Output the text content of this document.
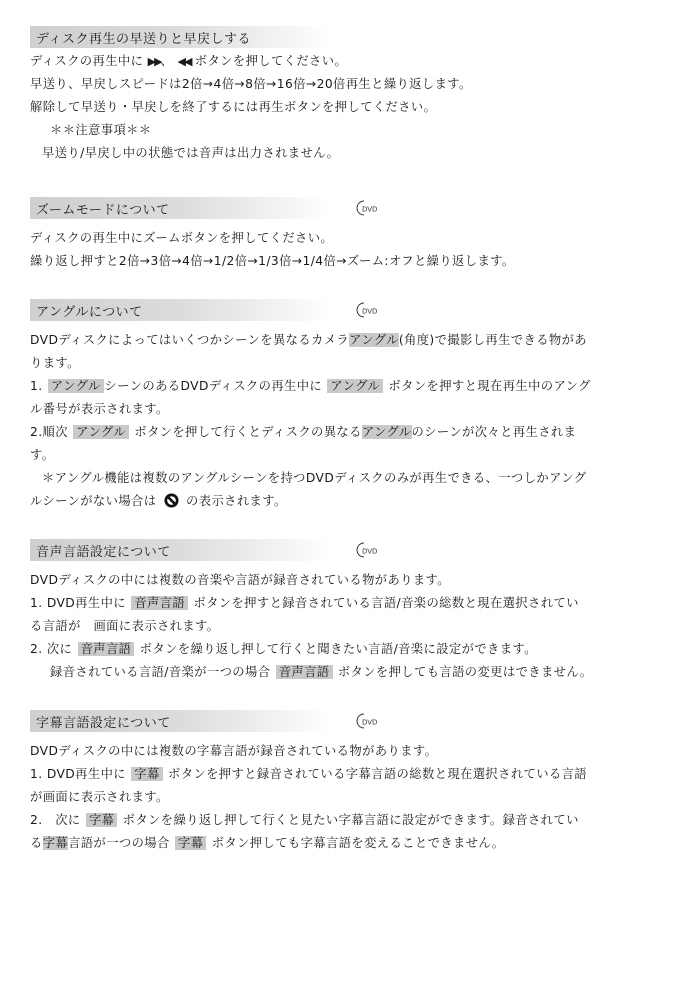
ディスク再生の早送りと早戻しする

ディスクの再生中に ▶▶、 ◀◀ ボタンを押してください。

早送り、早戻しスピードは2倍→4倍→8倍→16倍→20倍再生と繰り返します。

解除して早送り・早戻しを終了するには再生ボタンを押してください。

＊＊注意事項＊＊

早送り/早戻し中の状態では音声は出力されません。

ズームモードについて	DVD

ディスクの再生中にズームボタンを押してください。

繰り返し押すと2倍→3倍→4倍→1/2倍→1/3倍→1/4倍→ズーム:オフと繰り返します。

アングルについて	DVD

DVDディスクによってはいくつかシーンを異なるカメラアングル(角度)で撮影し再生できる物があ

ります。

1. アングル シーンのあるDVDディスクの再生中に アングル ボタンを押すと現在再生中のアング

ル番号が表示されます。

2.順次 アングル ボタンを押して行くとディスクの異なるアングルのシーンが次々と再生されま

す。

＊アングル機能は複数のアングルシーンを持つDVDディスクのみが再生できる、一つしかアング

ルシーンがない場合は の表示されます。

音声言語設定について	DVD

DVDディスクの中には複数の音楽や言語が録音されている物があります。

1. DVD再生中に 音声言語 ボタンを押すと録音されている言語/音楽の総数と現在選択されてい

る言語が　画面に表示されます。

2. 次に 音声言語 ボタンを繰り返し押して行くと聞きたい言語/音楽に設定ができます。

録音されている言語/音楽が一つの場合 音声言語 ボタンを押しても言語の変更はできません。

字幕言語設定について	DVD

DVDディスクの中には複数の字幕言語が録音されている物があります。

1. DVD再生中に 字幕 ボタンを押すと録音されている字幕言語の総数と現在選択されている言語

が画面に表示されます。

2.　次に 字幕 ボタンを繰り返し押して行くと見たい字幕言語に設定ができます。録音されてい

る字幕言語が一つの場合 字幕 ボタン押しても字幕言語を変えることできません。
